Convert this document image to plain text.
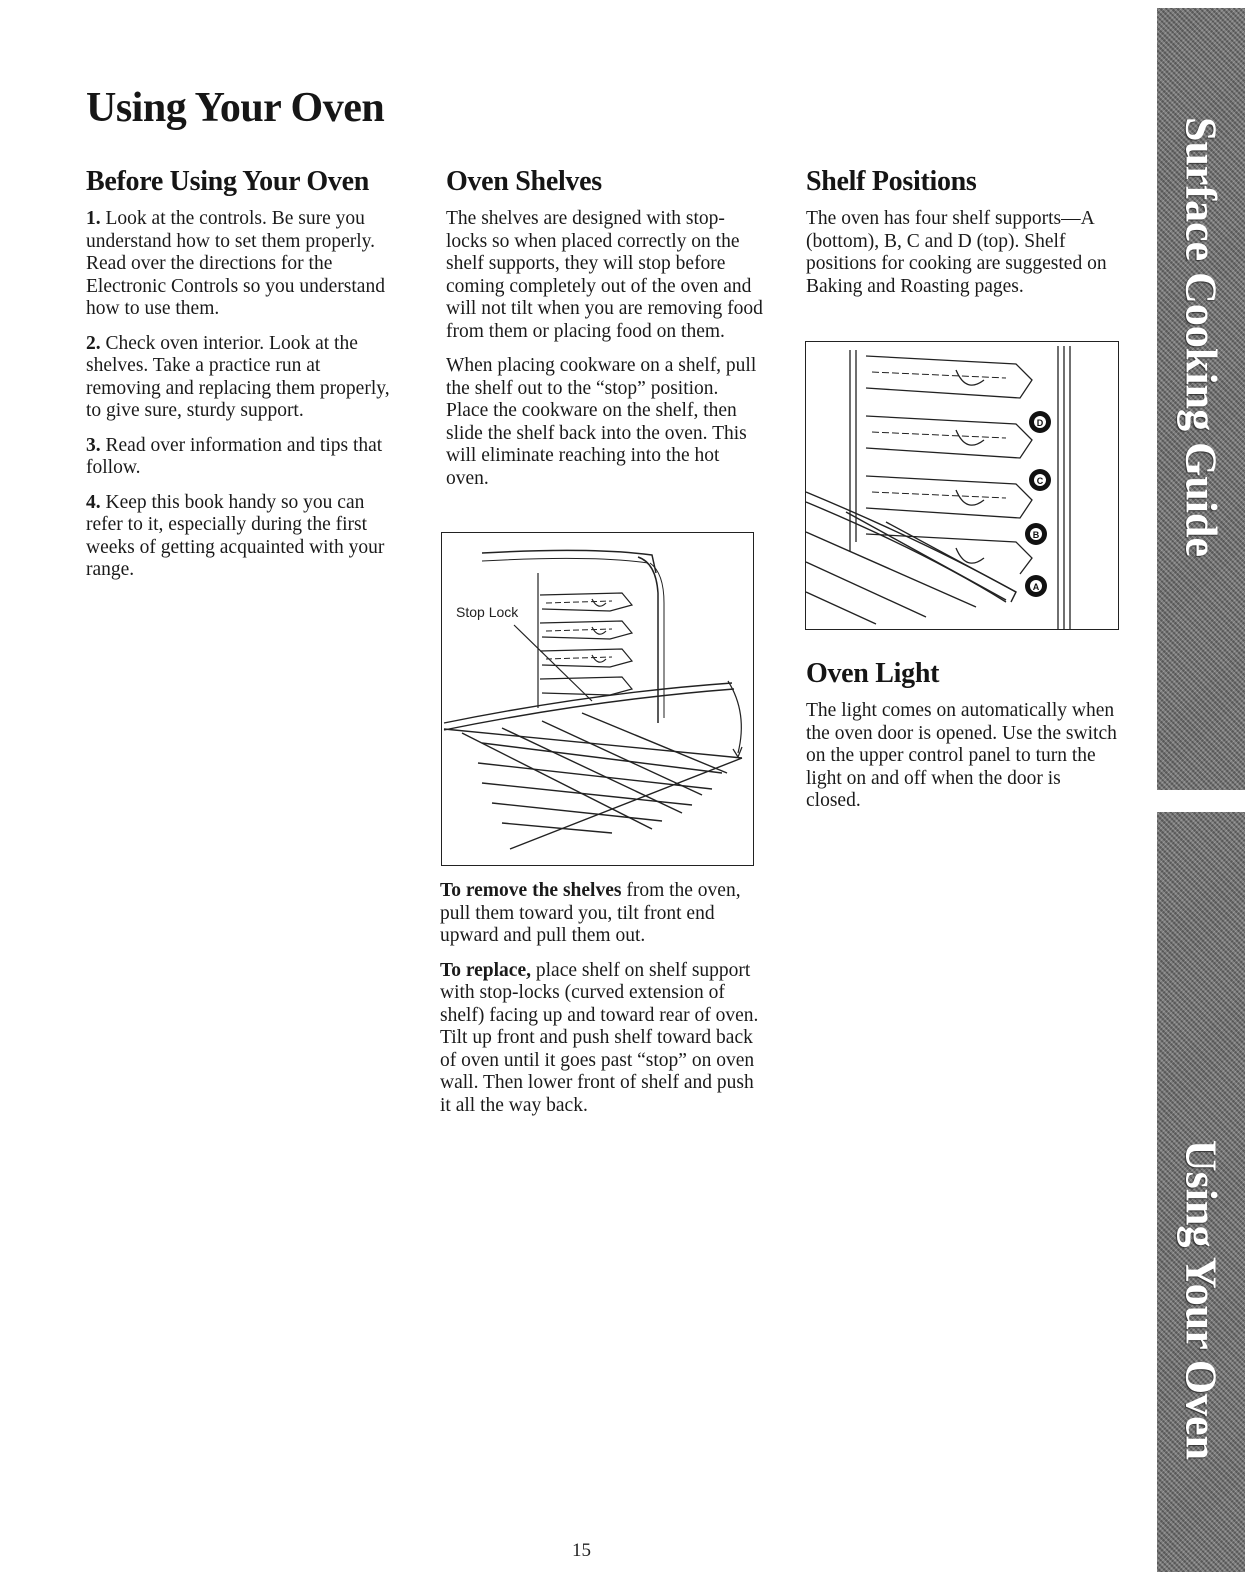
Using Your Oven
Before Using Your Oven

1. Look at the controls. Be sure you understand how to set them properly. Read over the directions for the Electronic Controls so you understand how to use them.

2. Check oven interior. Look at the shelves. Take a practice run at removing and replacing them properly, to give sure, sturdy support.

3. Read over information and tips that follow.

4. Keep this book handy so you can refer to it, especially during the first weeks of getting acquainted with your range.

Oven Shelves

The shelves are designed with stop-locks so when placed correctly on the shelf supports, they will stop before coming completely out of the oven and will not tilt when you are removing food from them or placing food on them.

When placing cookware on a shelf, pull the shelf out to the “stop” position. Place the cookware on the shelf, then slide the shelf back into the oven. This will eliminate reaching into the hot oven.

Stop Lock

To remove the shelves from the oven, pull them toward you, tilt front end upward and pull them out.

To replace, place shelf on shelf support with stop-locks (curved extension of shelf) facing up and toward rear of oven. Tilt up front and push shelf toward back of oven until it goes past “stop” on oven wall. Then lower front of shelf and push it all the way back.

Shelf Positions

The oven has four shelf supports—A (bottom), B, C and D (top). Shelf positions for cooking are suggested on Baking and Roasting pages.

D
C
B
A
Oven Light

The light comes on automatically when the oven door is opened. Use the switch on the upper control panel to turn the light on and off when the door is closed.

Surface Cooking Guide
Using Your Oven
15
